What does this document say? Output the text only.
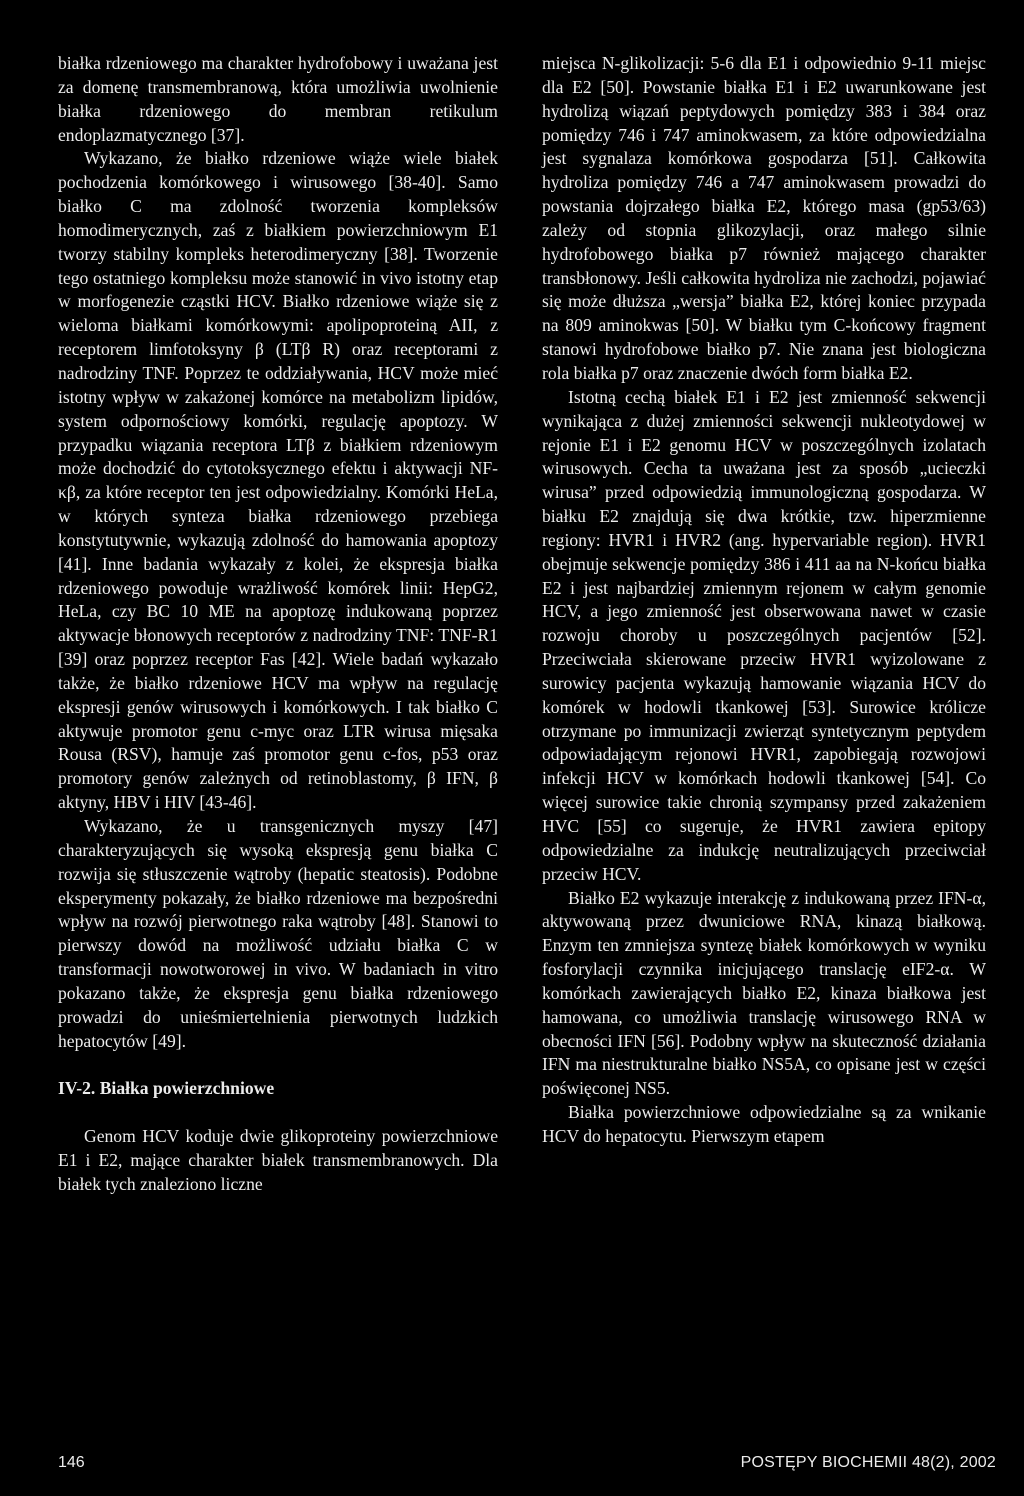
białka rdzeniowego ma charakter hydrofobowy i uważana jest za domenę transmembranową, która umożliwia uwolnienie białka rdzeniowego do membran retikulum endoplazmatycznego [37].

Wykazano, że białko rdzeniowe wiąże wiele białek pochodzenia komórkowego i wirusowego [38-40]. Samo białko C ma zdolność tworzenia kompleksów homodimerycznych, zaś z białkiem powierzchniowym E1 tworzy stabilny kompleks heterodimeryczny [38]. Tworzenie tego ostatniego kompleksu może stanowić in vivo istotny etap w morfogenezie cząstki HCV. Białko rdzeniowe wiąże się z wieloma białkami komórkowymi: apolipoproteiną AII, z receptorem limfotoksyny β (LTβ R) oraz receptorami z nadrodziny TNF. Poprzez te oddziaływania, HCV może mieć istotny wpływ w zakażonej komórce na metabolizm lipidów, system odpornościowy komórki, regulację apoptozy. W przypadku wiązania receptora LTβ z białkiem rdzeniowym może dochodzić do cytotoksycznego efektu i aktywacji NF-κβ, za które receptor ten jest odpowiedzialny. Komórki HeLa, w których synteza białka rdzeniowego przebiega konstytutywnie, wykazują zdolność do hamowania apoptozy [41]. Inne badania wykazały z kolei, że ekspresja białka rdzeniowego powoduje wrażliwość komórek linii: HepG2, HeLa, czy BC 10 ME na apoptozę indukowaną poprzez aktywacje błonowych receptorów z nadrodziny TNF: TNF-R1 [39] oraz poprzez receptor Fas [42]. Wiele badań wykazało także, że białko rdzeniowe HCV ma wpływ na regulację ekspresji genów wirusowych i komórkowych. I tak białko C aktywuje promotor genu c-myc oraz LTR wirusa mięsaka Rousa (RSV), hamuje zaś promotor genu c-fos, p53 oraz promotory genów zależnych od retinoblastomy, β IFN, β aktyny, HBV i HIV [43-46].

Wykazano, że u transgenicznych myszy [47] charakteryzujących się wysoką ekspresją genu białka C rozwija się stłuszczenie wątroby (hepatic steatosis). Podobne eksperymenty pokazały, że białko rdzeniowe ma bezpośredni wpływ na rozwój pierwotnego raka wątroby [48]. Stanowi to pierwszy dowód na możliwość udziału białka C w transformacji nowotworowej in vivo. W badaniach in vitro pokazano także, że ekspresja genu białka rdzeniowego prowadzi do unieśmiertelnienia pierwotnych ludzkich hepatocytów [49].

IV-2. Białka powierzchniowe

Genom HCV koduje dwie glikoproteiny powierzchniowe E1 i E2, mające charakter białek transmembranowych. Dla białek tych znaleziono liczne

miejsca N-glikolizacji: 5-6 dla E1 i odpowiednio 9-11 miejsc dla E2 [50]. Powstanie białka E1 i E2 uwarunkowane jest hydrolizą wiązań peptydowych pomiędzy 383 i 384 oraz pomiędzy 746 i 747 aminokwasem, za które odpowiedzialna jest sygnalaza komórkowa gospodarza [51]. Całkowita hydroliza pomiędzy 746 a 747 aminokwasem prowadzi do powstania dojrzałego białka E2, którego masa (gp53/63) zależy od stopnia glikozylacji, oraz małego silnie hydrofobowego białka p7 również mającego charakter transbłonowy. Jeśli całkowita hydroliza nie zachodzi, pojawiać się może dłuższa „wersja” białka E2, której koniec przypada na 809 aminokwas [50]. W białku tym C-końcowy fragment stanowi hydrofobowe białko p7. Nie znana jest biologiczna rola białka p7 oraz znaczenie dwóch form białka E2.

Istotną cechą białek E1 i E2 jest zmienność sekwencji wynikająca z dużej zmienności sekwencji nukleotydowej w rejonie E1 i E2 genomu HCV w poszczególnych izolatach wirusowych. Cecha ta uważana jest za sposób „ucieczki wirusa” przed odpowiedzią immunologiczną gospodarza. W białku E2 znajdują się dwa krótkie, tzw. hiperzmienne regiony: HVR1 i HVR2 (ang. hypervariable region). HVR1 obejmuje sekwencje pomiędzy 386 i 411 aa na N-końcu białka E2 i jest najbardziej zmiennym rejonem w całym genomie HCV, a jego zmienność jest obserwowana nawet w czasie rozwoju choroby u poszczególnych pacjentów [52]. Przeciwciała skierowane przeciw HVR1 wyizolowane z surowicy pacjenta wykazują hamowanie wiązania HCV do komórek w hodowli tkankowej [53]. Surowice królicze otrzymane po immunizacji zwierząt syntetycznym peptydem odpowiadającym rejonowi HVR1, zapobiegają rozwojowi infekcji HCV w komórkach hodowli tkankowej [54]. Co więcej surowice takie chronią szympansy przed zakażeniem HVC [55] co sugeruje, że HVR1 zawiera epitopy odpowiedzialne za indukcję neutralizujących przeciwciał przeciw HCV.

Białko E2 wykazuje interakcję z indukowaną przez IFN-α, aktywowaną przez dwuniciowe RNA, kinazą białkową. Enzym ten zmniejsza syntezę białek komórkowych w wyniku fosforylacji czynnika inicjującego translację eIF2-α. W komórkach zawierających białko E2, kinaza białkowa jest hamowana, co umożliwia translację wirusowego RNA w obecności IFN [56]. Podobny wpływ na skuteczność działania IFN ma niestrukturalne białko NS5A, co opisane jest w części poświęconej NS5.

Białka powierzchniowe odpowiedzialne są za wnikanie HCV do hepatocytu. Pierwszym etapem

146	POSTĘPY BIOCHEMII 48(2), 2002
